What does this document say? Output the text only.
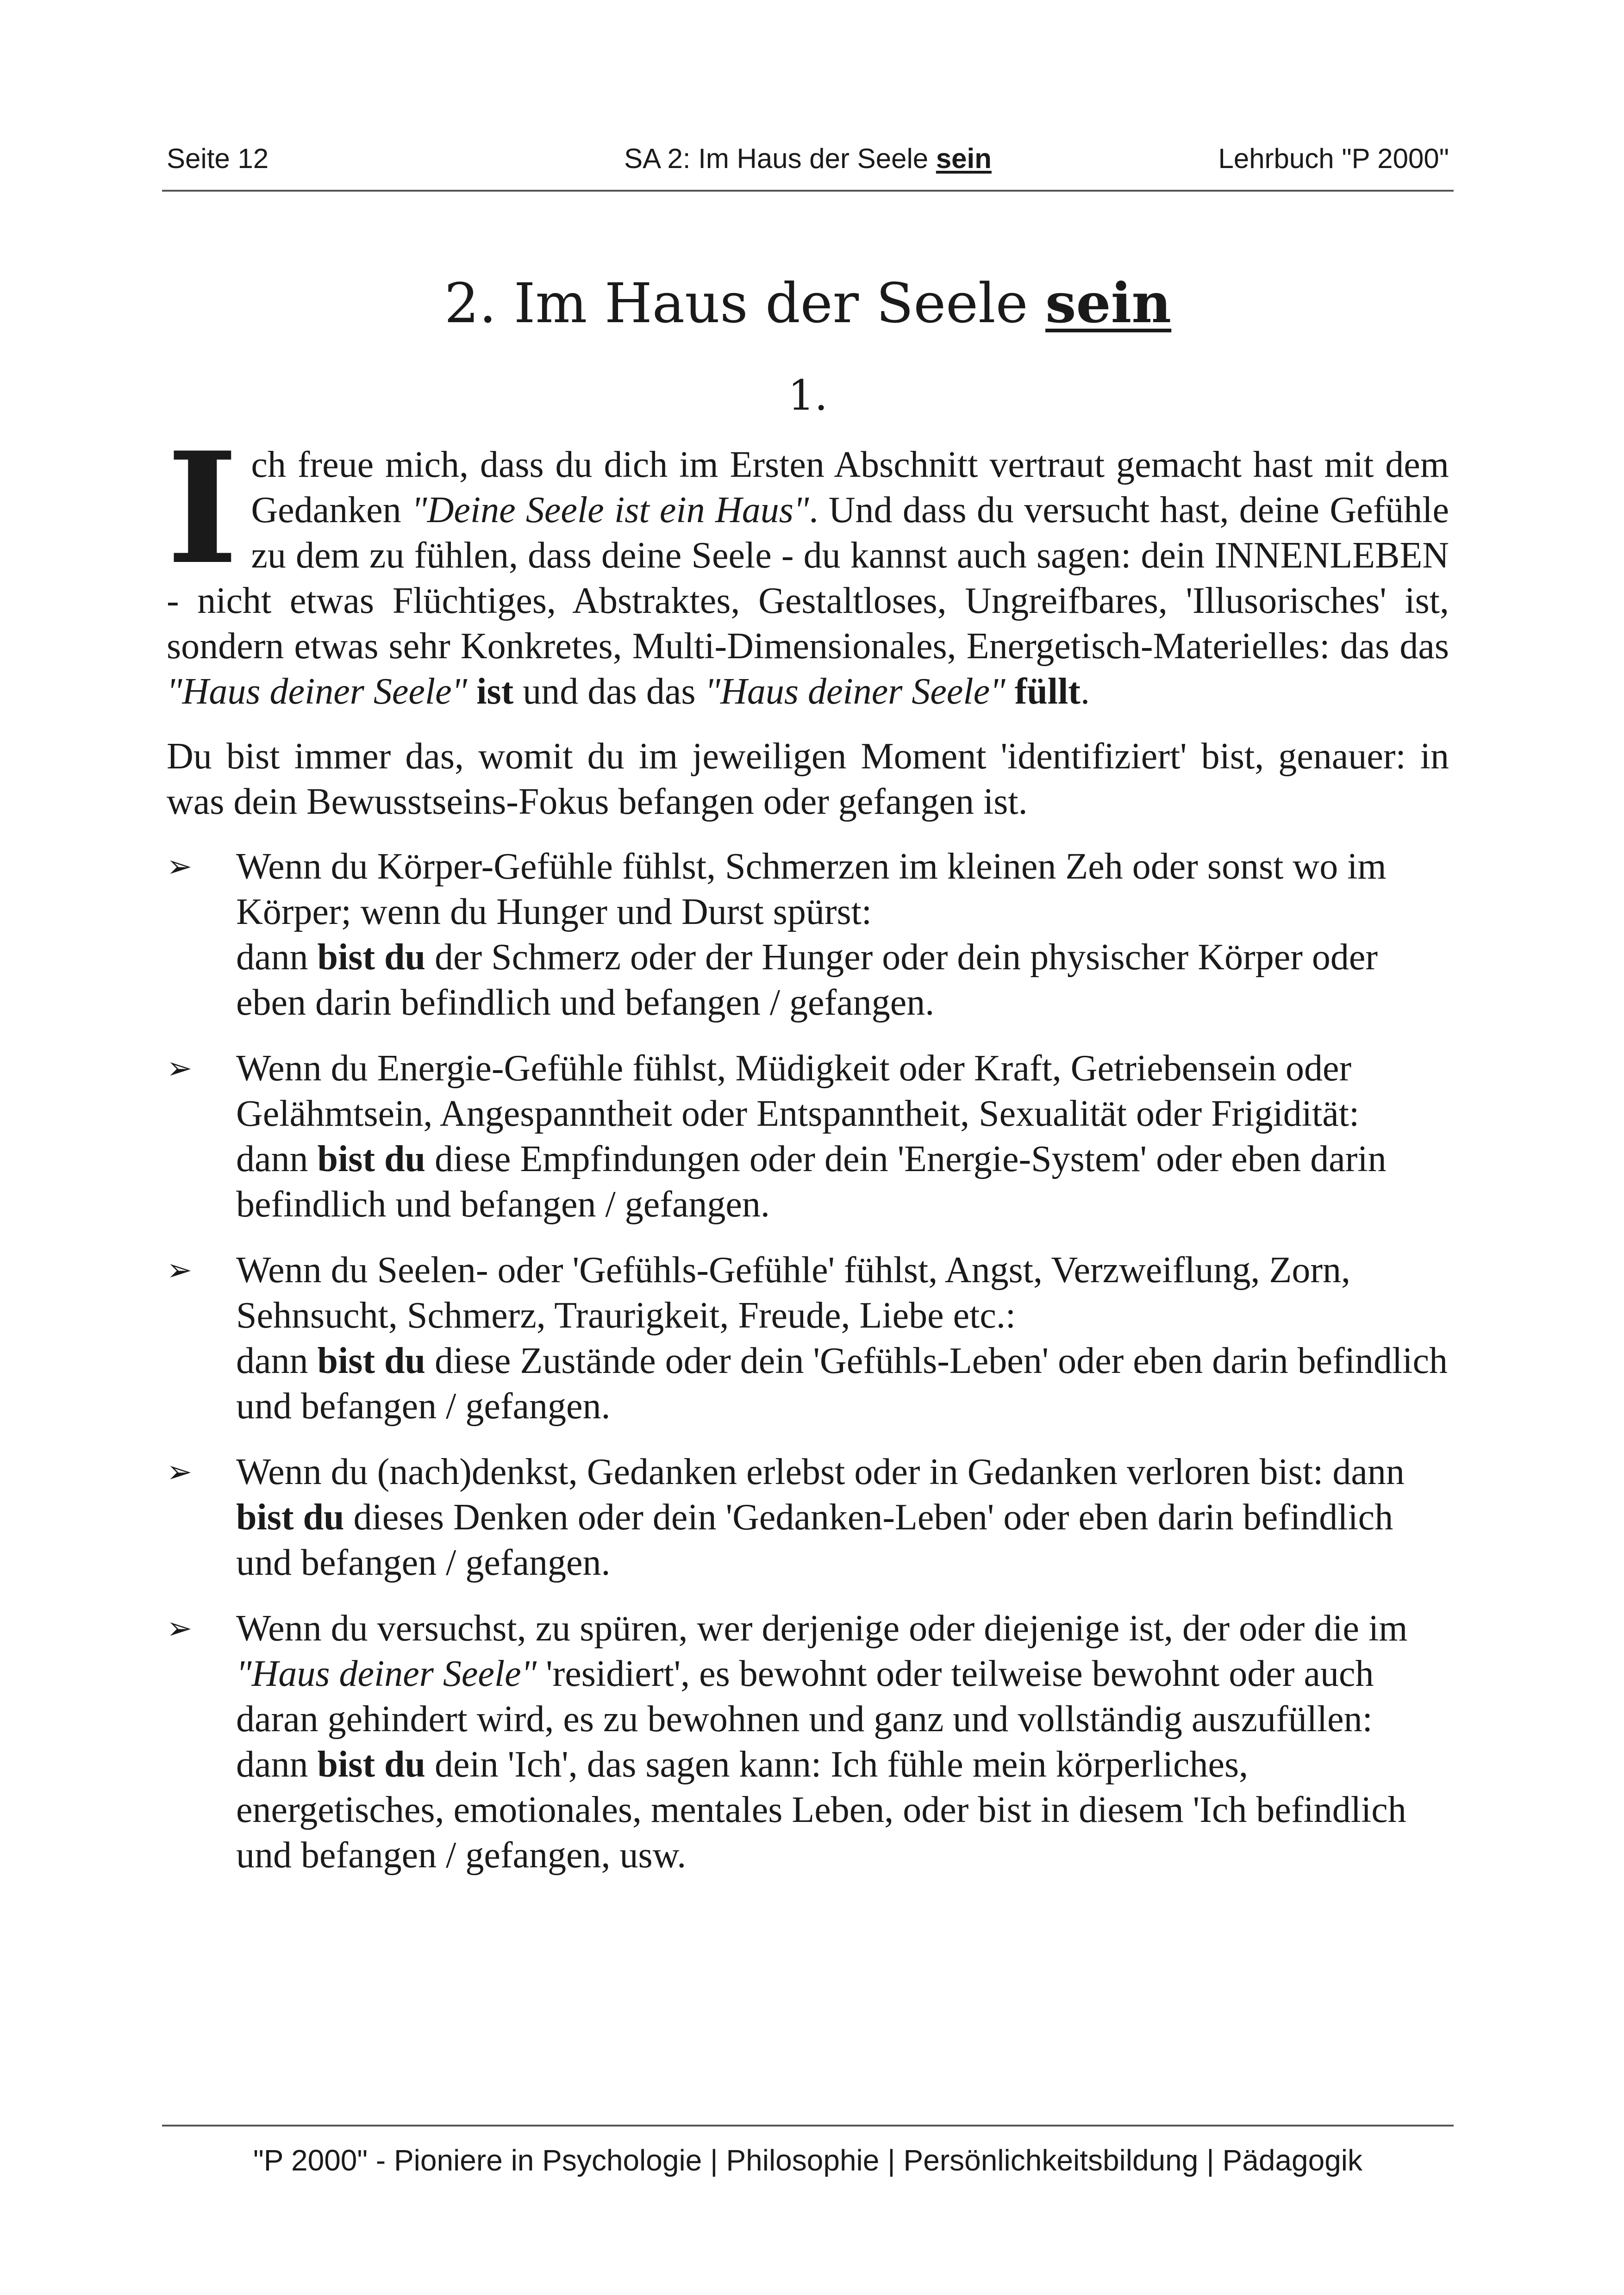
Seite 12	SA 2: Im Haus der Seele sein	Lehrbuch "P 2000"
2. Im Haus der Seele sein
1.

Ich freue mich, dass du dich im Ersten Abschnitt vertraut gemacht hast mit dem Gedanken "Deine Seele ist ein Haus". Und dass du versucht hast, deine Gefühle zu dem zu fühlen, dass deine Seele - du kannst auch sagen: dein INNENLEBEN - nicht etwas Flüchtiges, Abstraktes, Gestaltloses, Ungreifbares, 'Illusorisches' ist, sondern etwas sehr Konkretes, Multi-Dimensionales, Energetisch-Materielles: das das "Haus deiner Seele" ist und das das "Haus deiner Seele" füllt.

Du bist immer das, womit du im jeweiligen Moment 'identifiziert' bist, genauer: in was dein Bewusstseins-Fokus befangen oder gefangen ist.

➢ Wenn du Körper-Gefühle fühlst, Schmerzen im kleinen Zeh oder sonst wo im Körper; wenn du Hunger und Durst spürst:
dann bist du der Schmerz oder der Hunger oder dein physischer Körper oder eben darin befindlich und befangen / gefangen.
➢ Wenn du Energie-Gefühle fühlst, Müdigkeit oder Kraft, Getriebensein oder Gelähmtsein, Angespanntheit oder Entspanntheit, Sexualität oder Frigidität:
dann bist du diese Empfindungen oder dein 'Energie-System' oder eben darin befindlich und befangen / gefangen.
➢ Wenn du Seelen- oder 'Gefühls-Gefühle' fühlst, Angst, Verzweiflung, Zorn, Sehnsucht, Schmerz, Traurigkeit, Freude, Liebe etc.:
dann bist du diese Zustände oder dein 'Gefühls-Leben' oder eben darin befindlich und befangen / gefangen.
➢ Wenn du (nach)denkst, Gedanken erlebst oder in Gedanken verloren bist: dann bist du dieses Denken oder dein 'Gedanken-Leben' oder eben darin befindlich und befangen / gefangen.
➢ Wenn du versuchst, zu spüren, wer derjenige oder diejenige ist, der oder die im "Haus deiner Seele" 'residiert', es bewohnt oder teilweise bewohnt oder auch daran gehindert wird, es zu bewohnen und ganz und vollständig auszufüllen:
dann bist du dein 'Ich', das sagen kann: Ich fühle mein körperliches, energetisches, emotionales, mentales Leben, oder bist in diesem 'Ich befindlich und befangen / gefangen, usw.
"P 2000" - Pioniere in Psychologie | Philosophie | Persönlichkeitsbildung | Pädagogik
